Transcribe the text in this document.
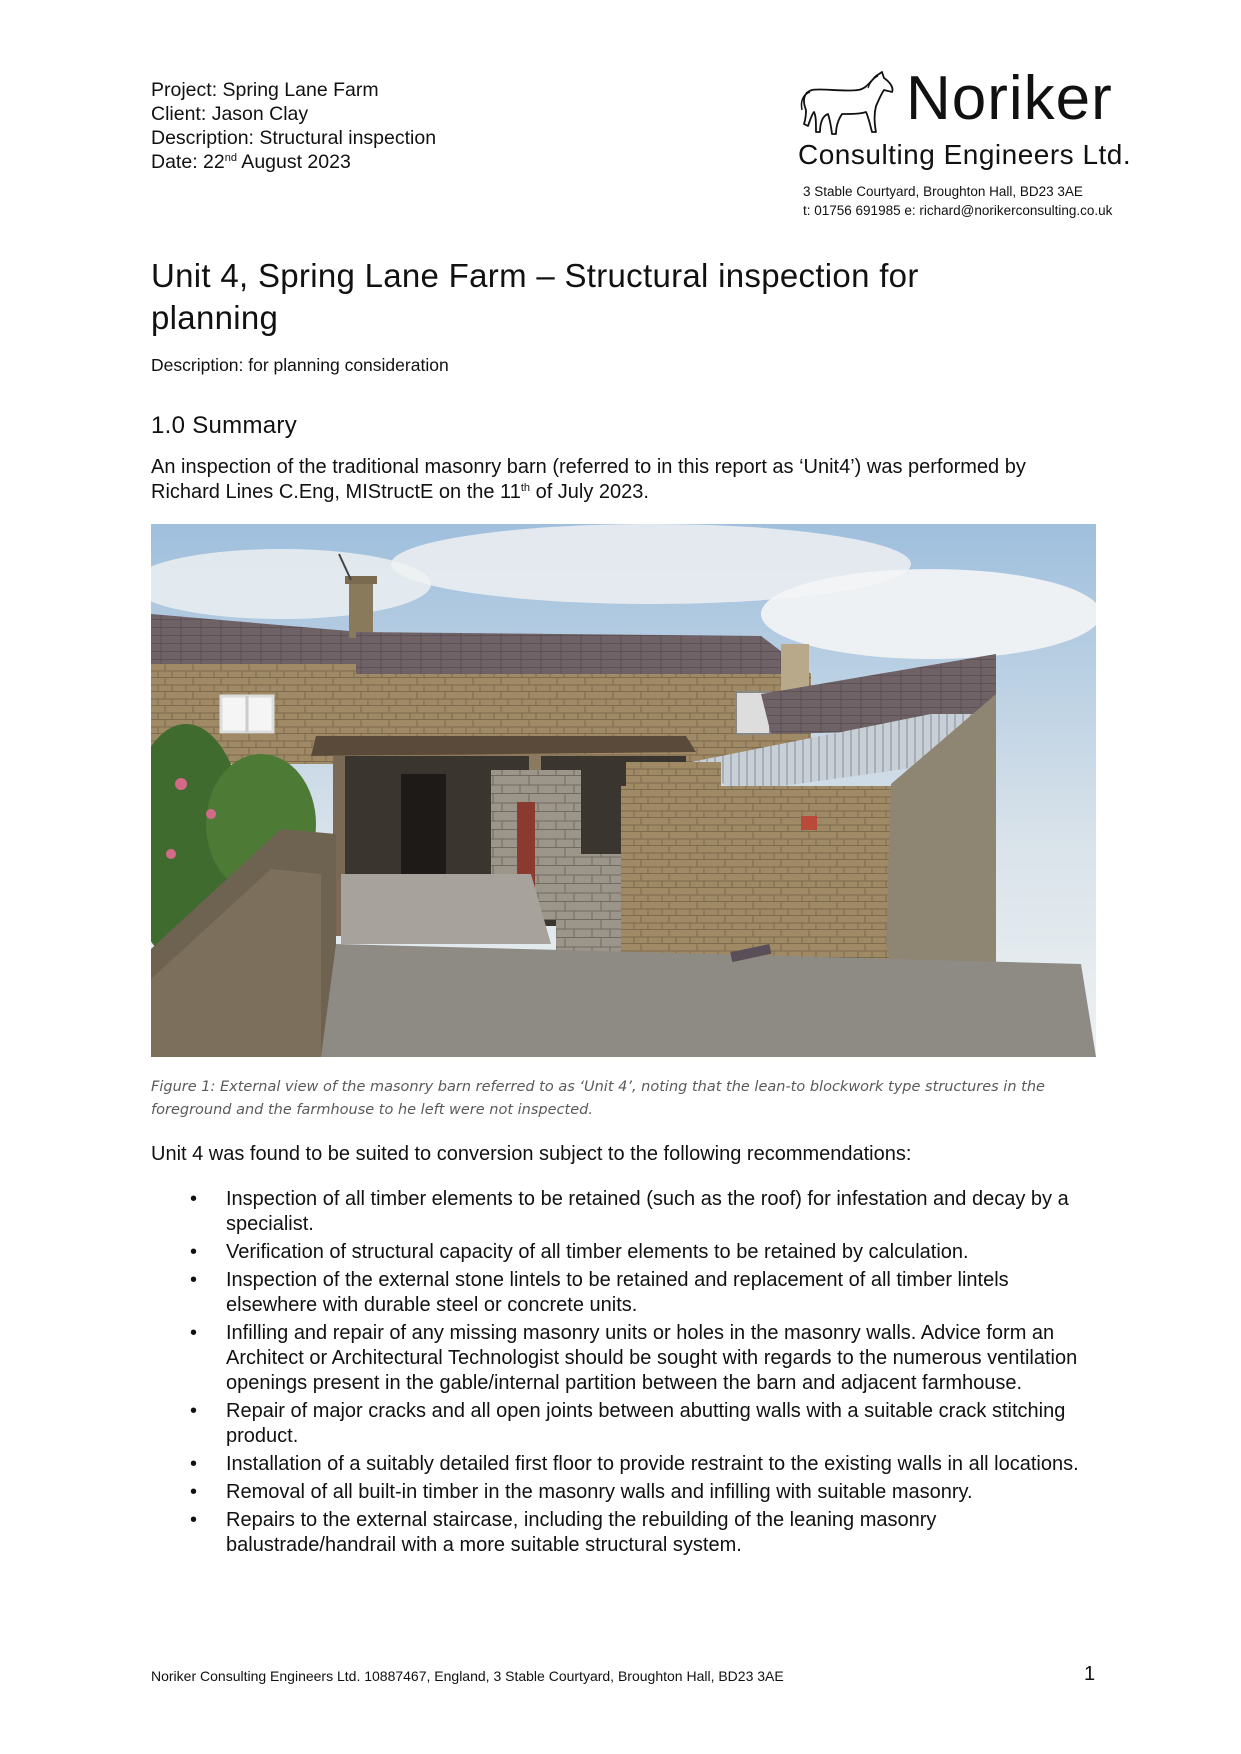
Project: Spring Lane Farm
Client: Jason Clay
Description: Structural inspection
Date: 22nd August 2023
Noriker
Consulting Engineers Ltd.
3 Stable Courtyard, Broughton Hall, BD23 3AE
t: 01756 691985 e: richard@norikerconsulting.co.uk
Unit 4, Spring Lane Farm – Structural inspection for planning
Description: for planning consideration
1.0 Summary
An inspection of the traditional masonry barn (referred to in this report as ‘Unit4’) was performed by Richard Lines C.Eng, MIStructE on the 11th of July 2023.
Figure 1: External view of the masonry barn referred to as ‘Unit 4’, noting that the lean-to blockwork type structures in the foreground and the farmhouse to he left were not inspected.
Unit 4 was found to be suited to conversion subject to the following recommendations:
• Inspection of all timber elements to be retained (such as the roof) for infestation and decay by a specialist.
• Verification of structural capacity of all timber elements to be retained by calculation.
• Inspection of the external stone lintels to be retained and replacement of all timber lintels elsewhere with durable steel or concrete units.
• Infilling and repair of any missing masonry units or holes in the masonry walls. Advice form an Architect or Architectural Technologist should be sought with regards to the numerous ventilation openings present in the gable/internal partition between the barn and adjacent farmhouse.
• Repair of major cracks and all open joints between abutting walls with a suitable crack stitching product.
• Installation of a suitably detailed first floor to provide restraint to the existing walls in all locations.
• Removal of all built-in timber in the masonry walls and infilling with suitable masonry.
• Repairs to the external staircase, including the rebuilding of the leaning masonry balustrade/handrail with a more suitable structural system.
Noriker Consulting Engineers Ltd. 10887467, England, 3 Stable Courtyard, Broughton Hall, BD23 3AE	1
